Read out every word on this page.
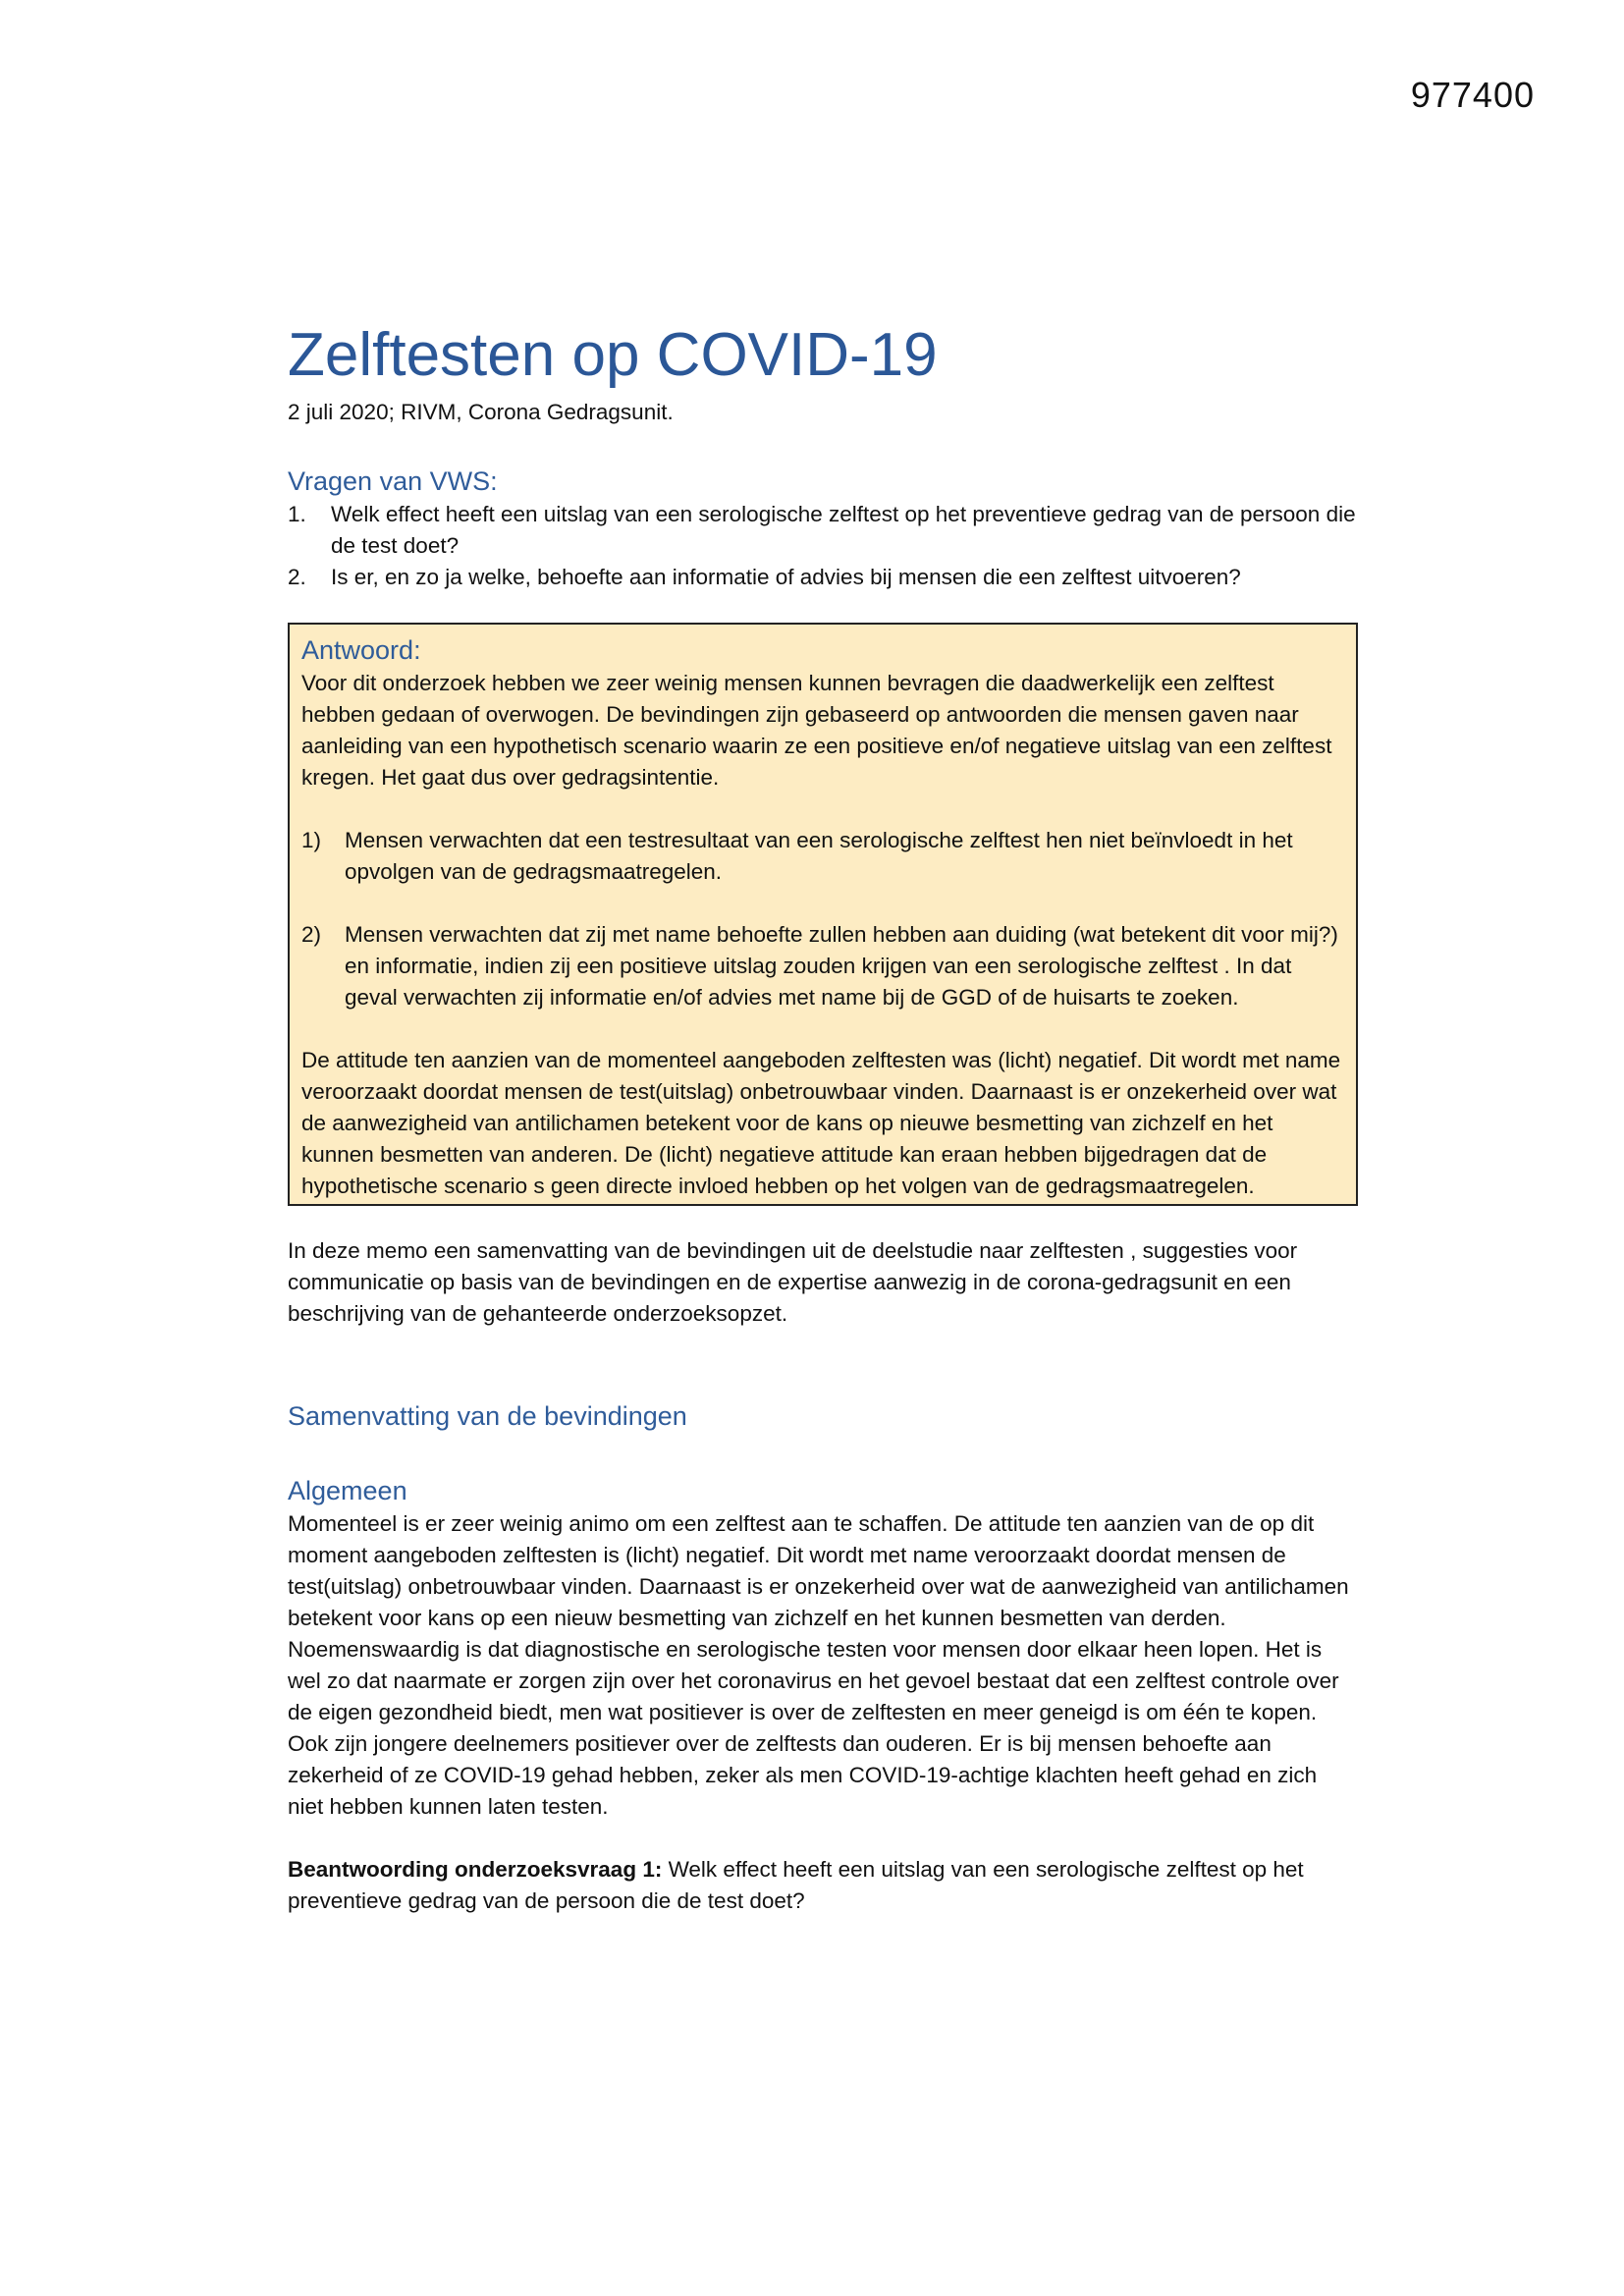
977400
Zelftesten op COVID-19

2 juli 2020; RIVM, Corona Gedragsunit.

Vragen van VWS:
1. Welk effect heeft een uitslag van een serologische zelftest op het preventieve gedrag van de persoon die de test doet?
2. Is er, en zo ja welke, behoefte aan informatie of advies bij mensen die een zelftest uitvoeren?
Antwoord:

Voor dit onderzoek hebben we zeer weinig mensen kunnen bevragen die daadwerkelijk een zelftest hebben gedaan of overwogen. De bevindingen zijn gebaseerd op antwoorden die mensen gaven naar aanleiding van een hypothetisch scenario waarin ze een positieve en/of negatieve uitslag van een zelftest kregen. Het gaat dus over gedragsintentie.

1) Mensen verwachten dat een testresultaat van een serologische zelftest hen niet beïnvloedt in het opvolgen van de gedragsmaatregelen.
2) Mensen verwachten dat zij met name behoefte zullen hebben aan duiding (wat betekent dit voor mij?) en informatie, indien zij een positieve uitslag zouden krijgen van een serologische zelftest . In dat geval verwachten zij informatie en/of advies met name bij de GGD of de huisarts te zoeken.

De attitude ten aanzien van de momenteel aangeboden zelftesten was (licht) negatief. Dit wordt met name veroorzaakt doordat mensen de test(uitslag) onbetrouwbaar vinden. Daarnaast is er onzekerheid over wat de aanwezigheid van antilichamen betekent voor de kans op nieuwe besmetting van zichzelf en het kunnen besmetten van anderen. De (licht) negatieve attitude kan eraan hebben bijgedragen dat de hypothetische scenario s geen directe invloed hebben op het volgen van de gedragsmaatregelen.

In deze memo een samenvatting van de bevindingen uit de deelstudie naar zelftesten , suggesties voor communicatie op basis van de bevindingen en de expertise aanwezig in de corona-gedragsunit en een beschrijving van de gehanteerde onderzoeksopzet.

Samenvatting van de bevindingen
Algemeen

Momenteel is er zeer weinig animo om een zelftest aan te schaffen. De attitude ten aanzien van de op dit moment aangeboden zelftesten is (licht) negatief. Dit wordt met name veroorzaakt doordat mensen de test(uitslag) onbetrouwbaar vinden. Daarnaast is er onzekerheid over wat de aanwezigheid van antilichamen betekent voor kans op een nieuw besmetting van zichzelf en het kunnen besmetten van derden. Noemenswaardig is dat diagnostische en serologische testen voor mensen door elkaar heen lopen. Het is wel zo dat naarmate er zorgen zijn over het coronavirus en het gevoel bestaat dat een zelftest controle over de eigen gezondheid biedt, men wat positiever is over de zelftesten en meer geneigd is om één te kopen. Ook zijn jongere deelnemers positiever over de zelftests dan ouderen. Er is bij mensen behoefte aan zekerheid of ze COVID-19 gehad hebben, zeker als men COVID-19-achtige klachten heeft gehad en zich niet hebben kunnen laten testen.

Beantwoording onderzoeksvraag 1: Welk effect heeft een uitslag van een serologische zelftest op het preventieve gedrag van de persoon die de test doet?
